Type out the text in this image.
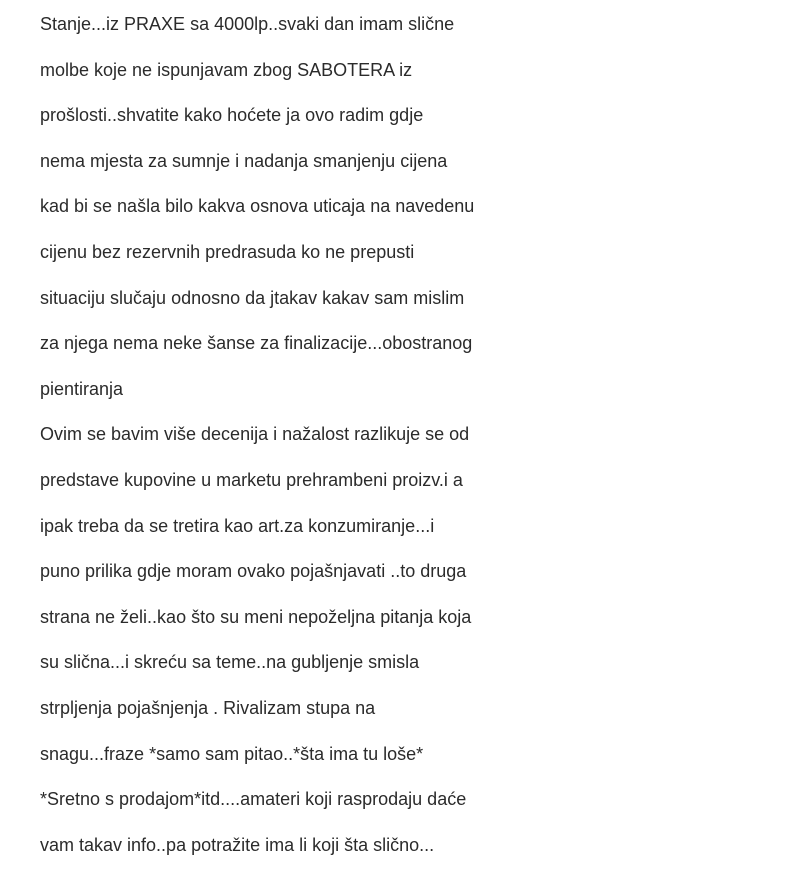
Stanje...iz PRAXE sa 4000lp..svaki dan imam slične
molbe koje ne ispunjavam zbog SABOTERA iz
prošlosti..shvatite kako hoćete ja ovo radim gdje
nema mjesta za sumnje i nadanja smanjenju cijena
kad bi se našla bilo kakva osnova uticaja na navedenu
cijenu bez rezervnih predrasuda ko ne prepusti
situaciju slučaju odnosno da jtakav kakav sam mislim
za njega nema neke šanse za finalizacije...obostranog
pientiranja
Ovim se bavim više decenija i nažalost razlikuje se od
predstave kupovine u marketu prehrambeni proizv.i a
ipak treba da se tretira kao art.za konzumiranje...i
puno prilika gdje moram ovako pojašnjavati ..to druga
strana ne želi..kao što su meni nepoželjna pitanja koja
su slična...i skreću sa teme..na gubljenje smisla
strpljenja pojašnjenja . Rivalizam stupa na
snagu...fraze *samo sam pitao..*šta ima tu loše*
*Sretno s prodajom*itd....amateri koji rasprodaju daće
vam takav info..pa potražite ima li koji šta slično...
